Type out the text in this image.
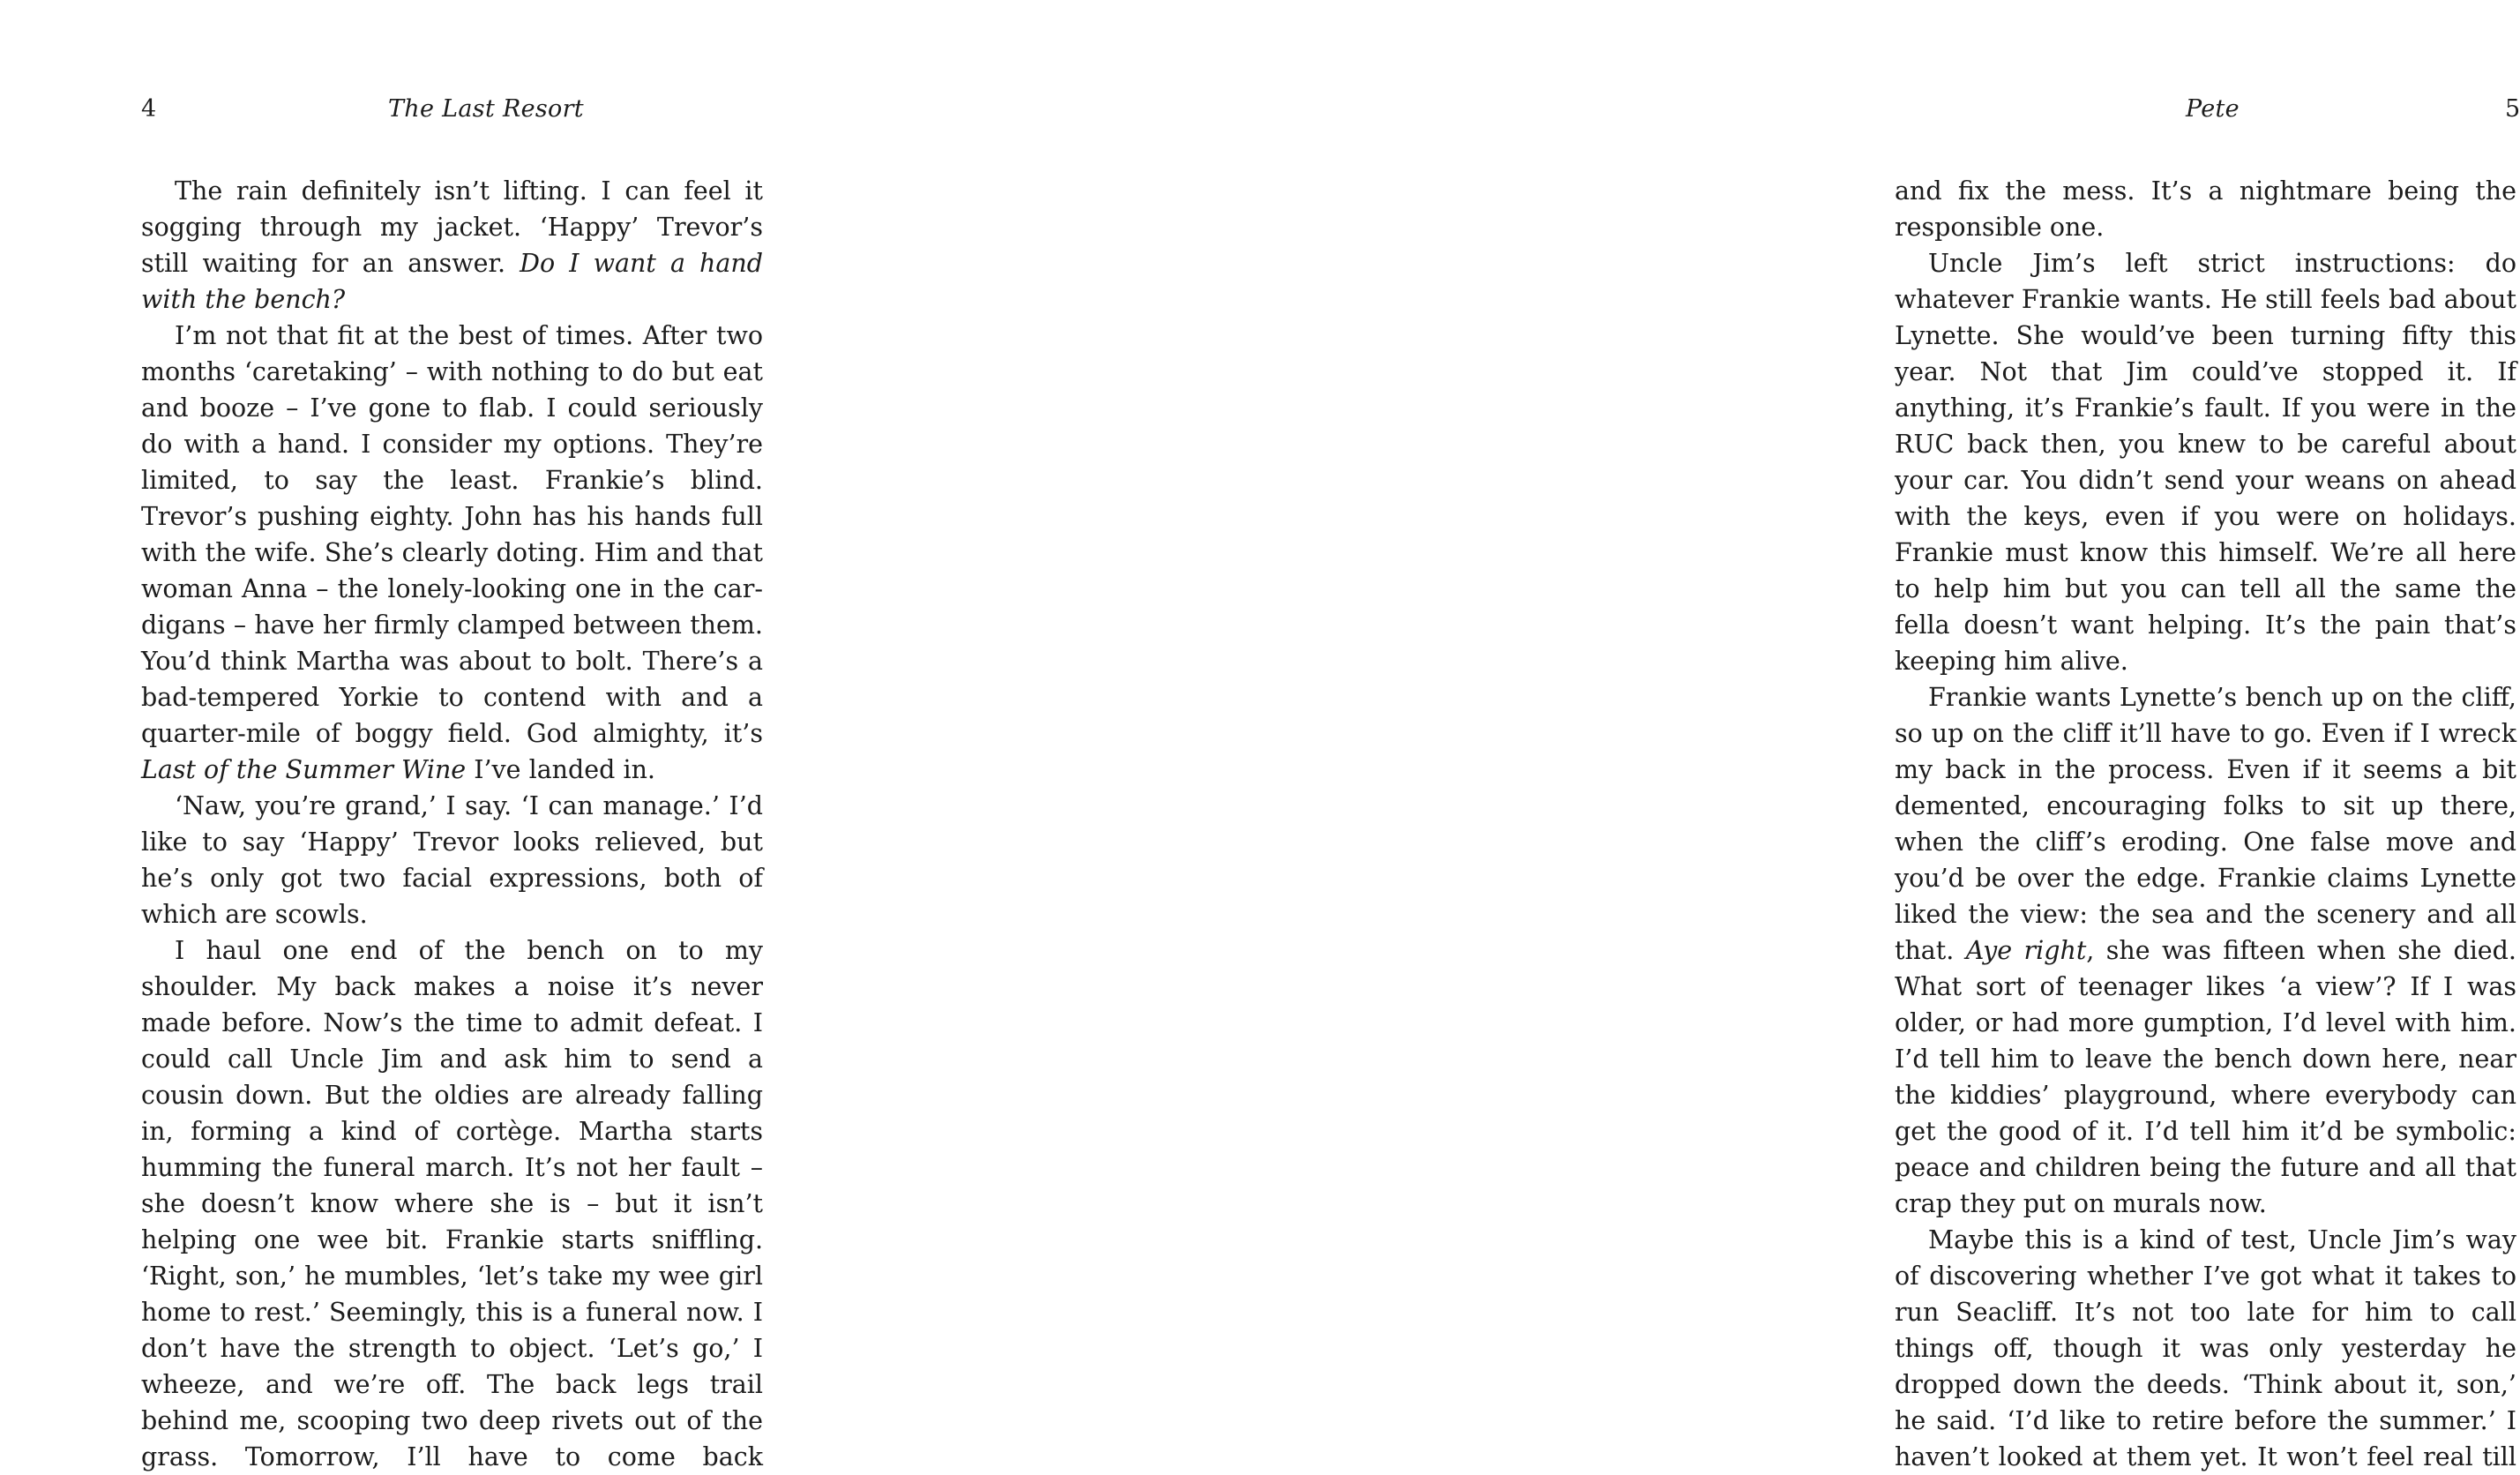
4	The Last Resort

The rain definitely isn’t lifting. I can feel it sogging through my jacket. ‘Happy’ Trevor’s still waiting for an answer. Do I want a hand with the bench?

I’m not that fit at the best of times. After two months ‘caretaking’ – with nothing to do but eat and booze – I’ve gone to flab. I could seriously do with a hand. I consider my options. They’re limited, to say the least. Frankie’s blind. Trevor’s pushing eighty. John has his hands full with the wife. She’s clearly doting. Him and that woman Anna – the lonely-looking one in the cardigans – have her firmly clamped between them. You’d think Martha was about to bolt. There’s a bad-tempered Yorkie to contend with and a quarter-mile of boggy field. God almighty, it’s Last of the Summer Wine I’ve landed in.

‘Naw, you’re grand,’ I say. ‘I can manage.’ I’d like to say ‘Happy’ Trevor looks relieved, but he’s only got two facial expressions, both of which are scowls.

I haul one end of the bench on to my shoulder. My back makes a noise it’s never made before. Now’s the time to admit defeat. I could call Uncle Jim and ask him to send a cousin down. But the oldies are already falling in, forming a kind of cortège. Martha starts humming the funeral march. It’s not her fault – she doesn’t know where she is – but it isn’t helping one wee bit. Frankie starts sniffling. ‘Right, son,’ he mumbles, ‘let’s take my wee girl home to rest.’ Seemingly, this is a funeral now. I don’t have the strength to object. ‘Let’s go,’ I wheeze, and we’re off. The back legs trail behind me, scooping two deep rivets out of the grass. Tomorrow, I’ll have to come back

Pete	5

and fix the mess. It’s a nightmare being the responsible one.

Uncle Jim’s left strict instructions: do whatever Frankie wants. He still feels bad about Lynette. She would’ve been turning fifty this year. Not that Jim could’ve stopped it. If anything, it’s Frankie’s fault. If you were in the RUC back then, you knew to be careful about your car. You didn’t send your weans on ahead with the keys, even if you were on holidays. Frankie must know this himself. We’re all here to help him but you can tell all the same the fella doesn’t want helping. It’s the pain that’s keeping him alive.

Frankie wants Lynette’s bench up on the cliff, so up on the cliff it’ll have to go. Even if I wreck my back in the process. Even if it seems a bit demented, encouraging folks to sit up there, when the cliff’s eroding. One false move and you’d be over the edge. Frankie claims Lynette liked the view: the sea and the scenery and all that. Aye right, she was fifteen when she died. What sort of teenager likes ‘a view’? If I was older, or had more gumption, I’d level with him. I’d tell him to leave the bench down here, near the kiddies’ playground, where everybody can get the good of it. I’d tell him it’d be symbolic: peace and children being the future and all that crap they put on murals now.

Maybe this is a kind of test, Uncle Jim’s way of discovering whether I’ve got what it takes to run Seacliff. It’s not too late for him to call things off, though it was only yesterday he dropped down the deeds. ‘Think about it, son,’ he said. ‘I’d like to retire before the summer.’ I haven’t looked at them yet. It won’t feel real till
